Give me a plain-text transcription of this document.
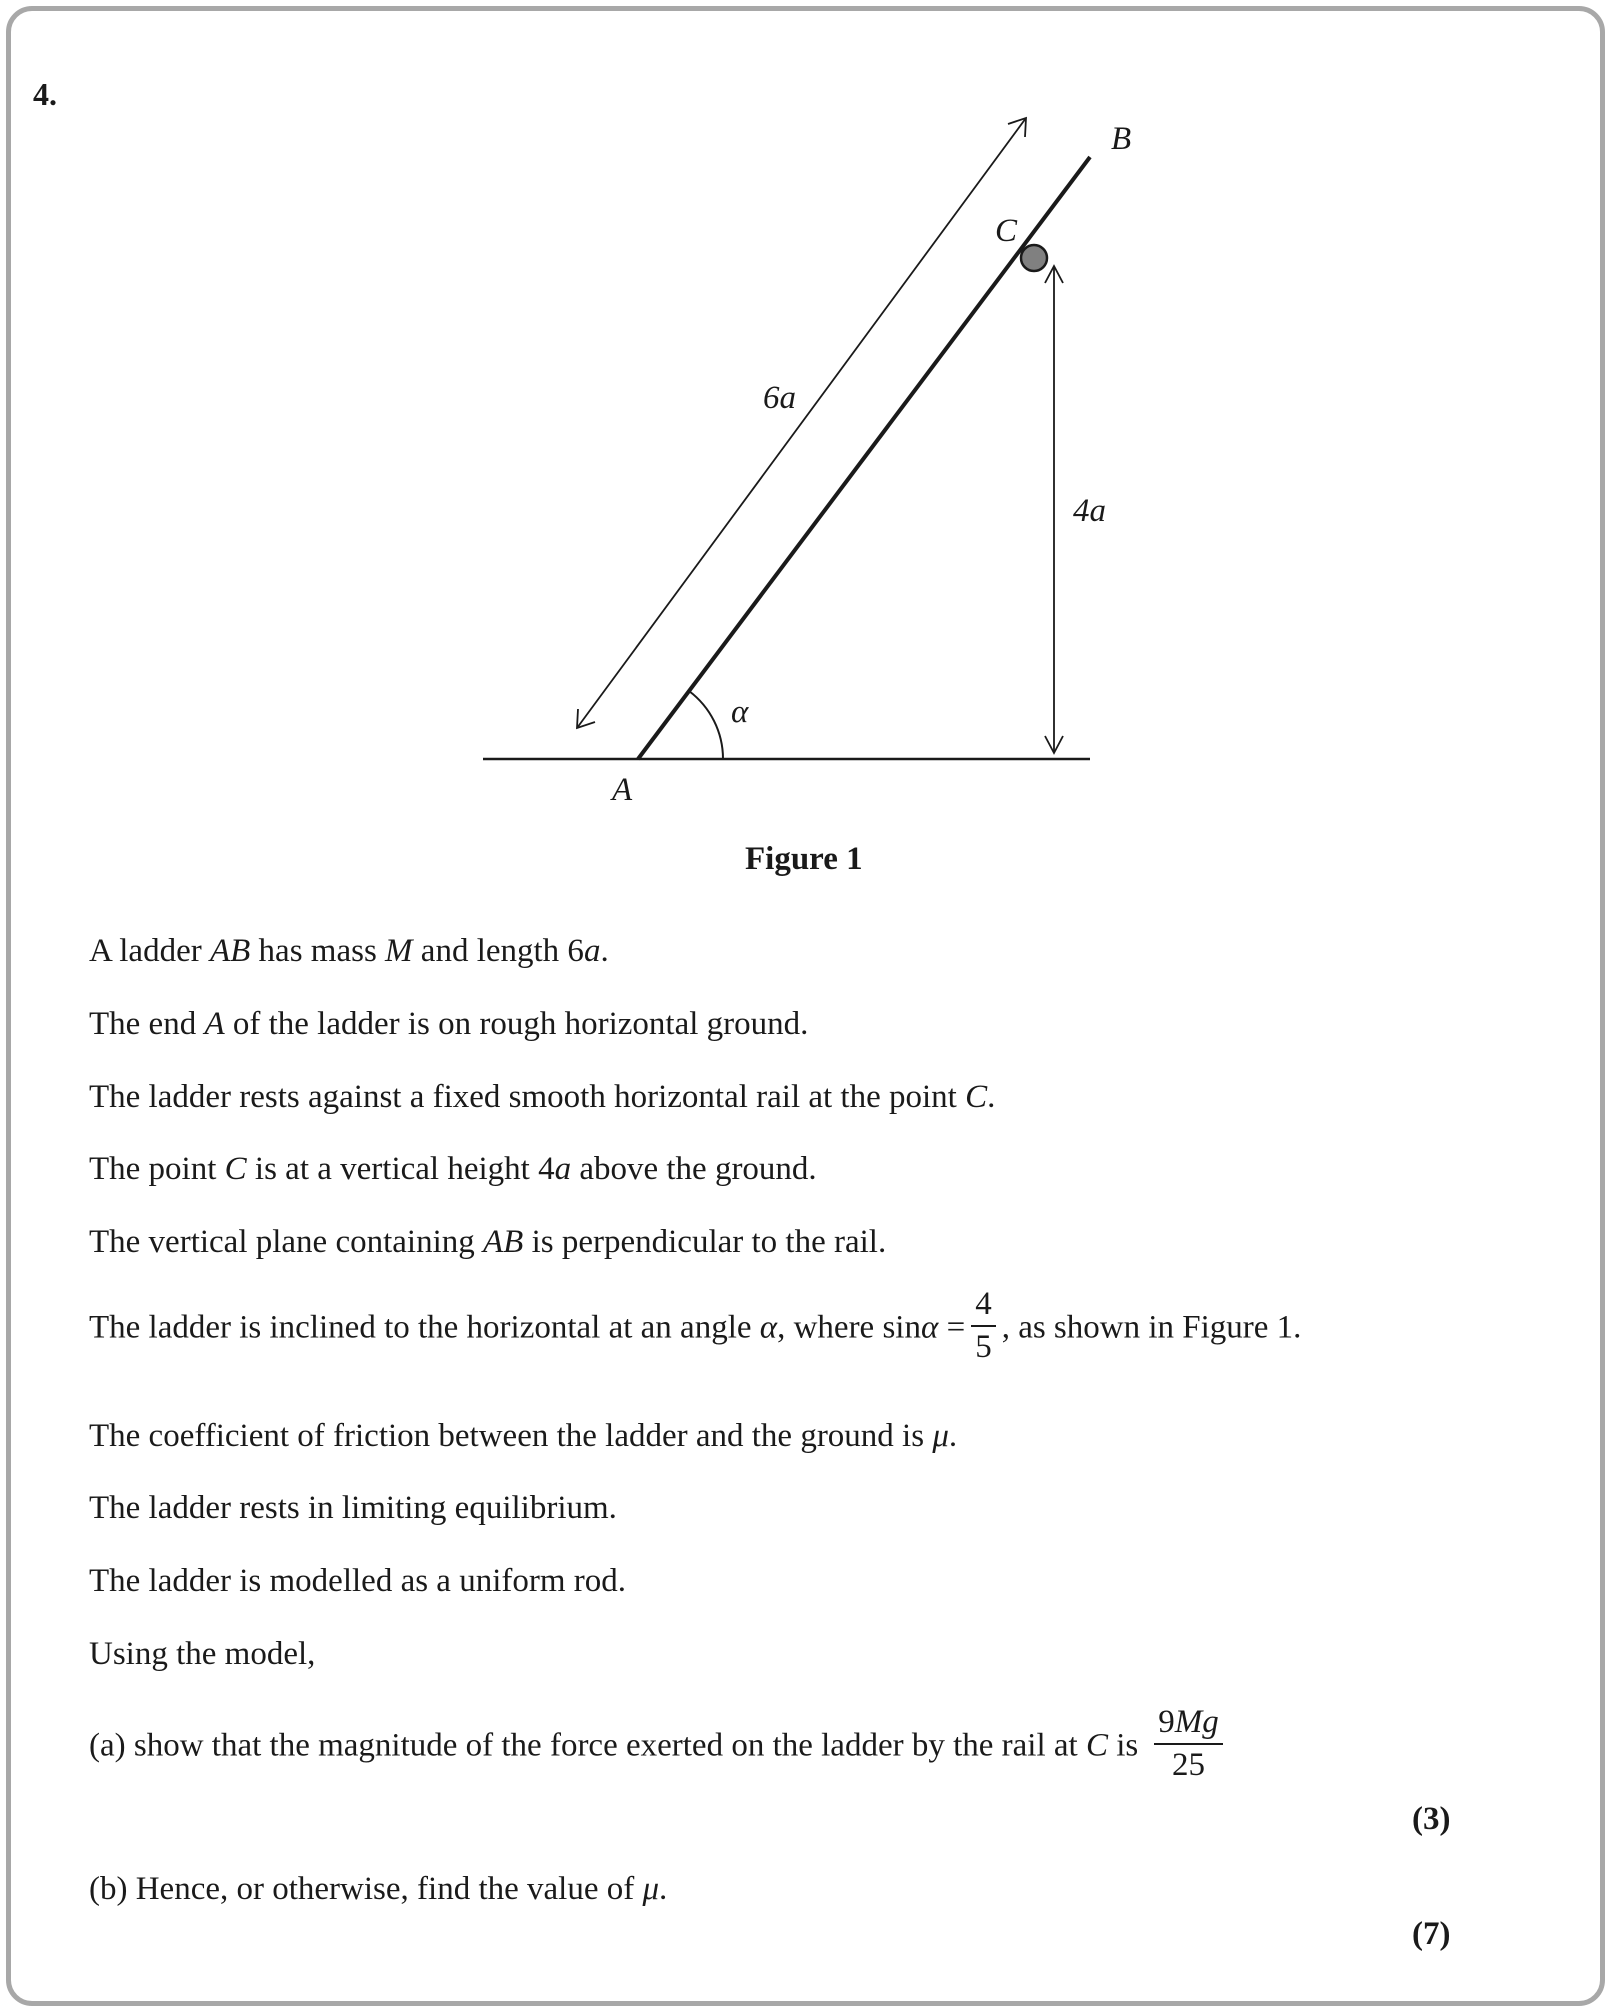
4.
A
B
C
α
6a
4a
Figure 1
A ladder AB has mass M and length 6a.
The end A of the ladder is on rough horizontal ground.
The ladder rests against a fixed smooth horizontal rail at the point C.
The point C is at a vertical height 4a above the ground.
The vertical plane containing AB is perpendicular to the rail.
The ladder is inclined to the horizontal at an angle α, where $\sin\alpha = \frac{4}{5}$ , as shown in Figure 1.
The coefficient of friction between the ladder and the ground is μ.
The ladder rests in limiting equilibrium.
The ladder is modelled as a uniform rod.
Using the model,
(a) show that the magnitude of the force exerted on the ladder by the rail at C is $\frac{9Mg}{25}$
(3)
(b) Hence, or otherwise, find the value of μ.
(7)
